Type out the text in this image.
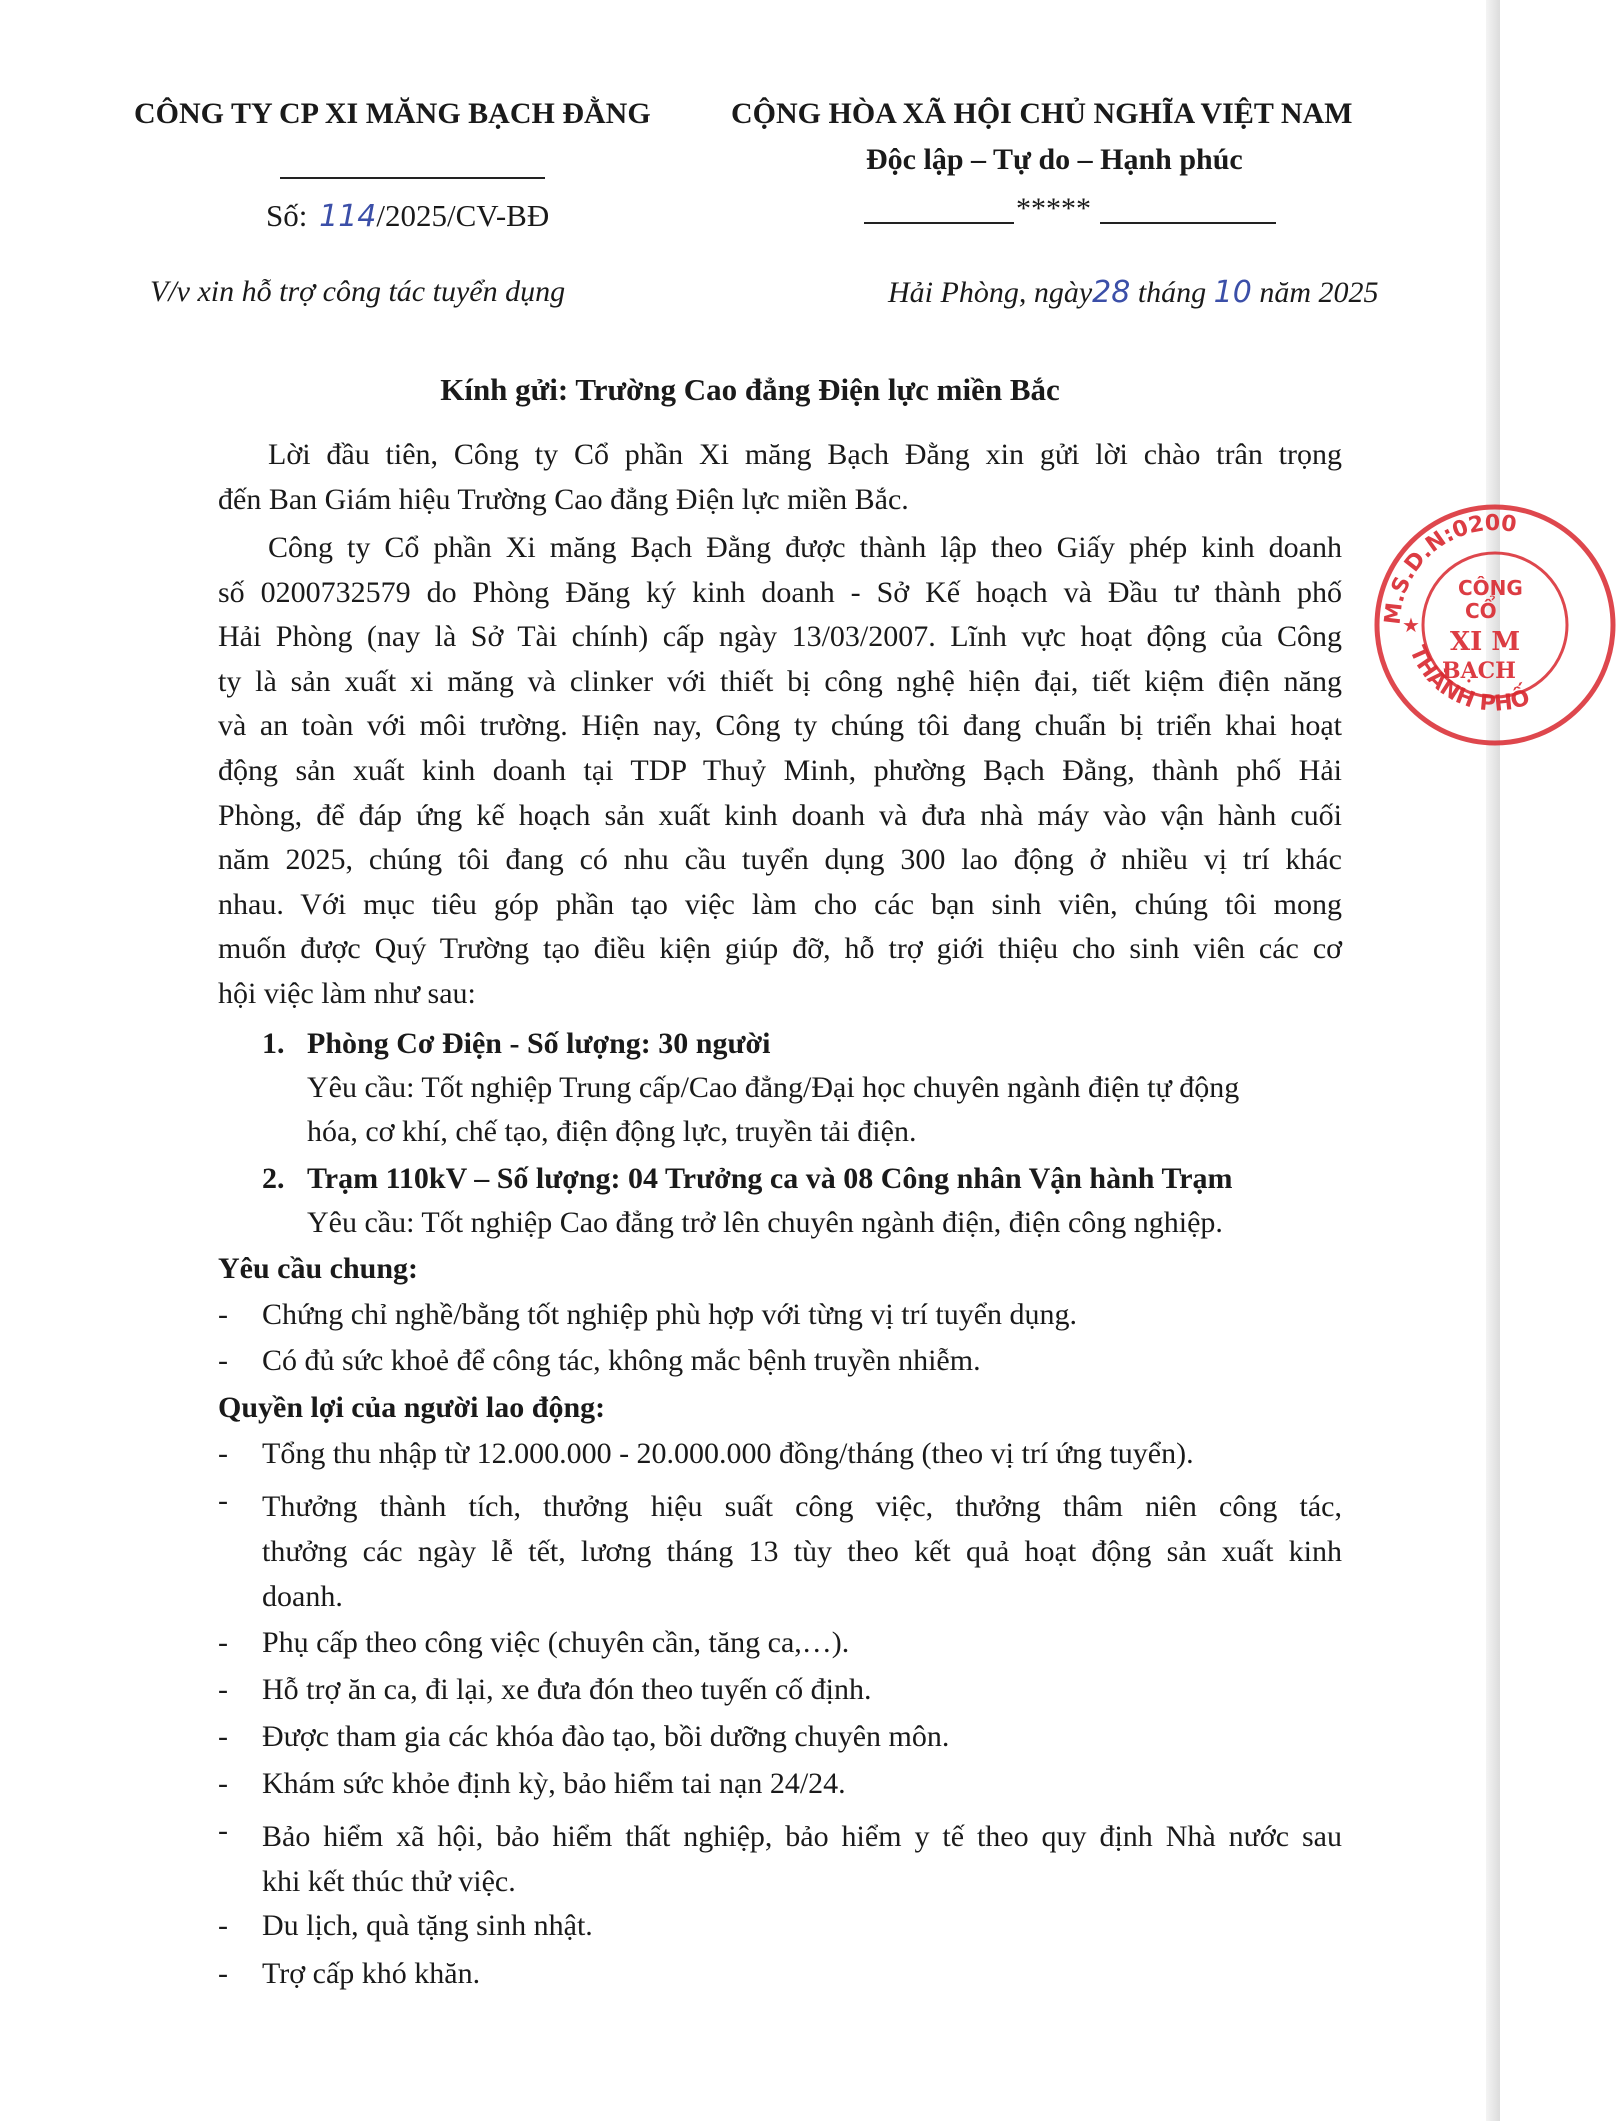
CÔNG TY CP XI MĂNG BẠCH ĐẰNG
Số: 114/2025/CV-BĐ
V/v xin hỗ trợ công tác tuyển dụng
CỘNG HÒA XÃ HỘI CHỦ NGHĨA VIỆT NAM
Độc lập – Tự do – Hạnh phúc
*****
Hải Phòng, ngày28 tháng 10 năm 2025
Kính gửi: Trường Cao đẳng Điện lực miền Bắc
Lời đầu tiên, Công ty Cổ phần Xi măng Bạch Đằng xin gửi lời chào trân trọng
đến Ban Giám hiệu Trường Cao đẳng Điện lực miền Bắc.
Công ty Cổ phần Xi măng Bạch Đằng được thành lập theo Giấy phép kinh doanh
số 0200732579 do Phòng Đăng ký kinh doanh - Sở Kế hoạch và Đầu tư thành phố
Hải Phòng (nay là Sở Tài chính) cấp ngày 13/03/2007. Lĩnh vực hoạt động của Công
ty là sản xuất xi măng và clinker với thiết bị công nghệ hiện đại, tiết kiệm điện năng
và an toàn với môi trường. Hiện nay, Công ty chúng tôi đang chuẩn bị triển khai hoạt
động sản xuất kinh doanh tại TDP Thuỷ Minh, phường Bạch Đằng, thành phố Hải
Phòng, để đáp ứng kế hoạch sản xuất kinh doanh và đưa nhà máy vào vận hành cuối
năm 2025, chúng tôi đang có nhu cầu tuyển dụng 300 lao động ở nhiều vị trí khác
nhau. Với mục tiêu góp phần tạo việc làm cho các bạn sinh viên, chúng tôi mong
muốn được Quý Trường tạo điều kiện giúp đỡ, hỗ trợ giới thiệu cho sinh viên các cơ
hội việc làm như sau:
1. Phòng Cơ Điện - Số lượng: 30 người
Yêu cầu: Tốt nghiệp Trung cấp/Cao đẳng/Đại học chuyên ngành điện tự động
hóa, cơ khí, chế tạo, điện động lực, truyền tải điện.
2. Trạm 110kV – Số lượng: 04 Trưởng ca và 08 Công nhân Vận hành Trạm
Yêu cầu: Tốt nghiệp Cao đẳng trở lên chuyên ngành điện, điện công nghiệp.
Yêu cầu chung:
- Chứng chỉ nghề/bằng tốt nghiệp phù hợp với từng vị trí tuyển dụng.
- Có đủ sức khoẻ để công tác, không mắc bệnh truyền nhiễm.
Quyền lợi của người lao động:
- Tổng thu nhập từ 12.000.000 - 20.000.000 đồng/tháng (theo vị trí ứng tuyển).
- Thưởng thành tích, thưởng hiệu suất công việc, thưởng thâm niên công tác,
thưởng các ngày lễ tết, lương tháng 13 tùy theo kết quả hoạt động sản xuất kinh
doanh.
- Phụ cấp theo công việc (chuyên cần, tăng ca,…).
- Hỗ trợ ăn ca, đi lại, xe đưa đón theo tuyến cố định.
- Được tham gia các khóa đào tạo, bồi dưỡng chuyên môn.
- Khám sức khỏe định kỳ, bảo hiểm tai nạn 24/24.
- Bảo hiểm xã hội, bảo hiểm thất nghiệp, bảo hiểm y tế theo quy định Nhà nước sau
khi kết thúc thử việc.
- Du lịch, quà tặng sinh nhật.
- Trợ cấp khó khăn.
M.S.D.N:0200
THÀNH PHỐ
★
CÔNG
CỔ
XI M
BẠCH
